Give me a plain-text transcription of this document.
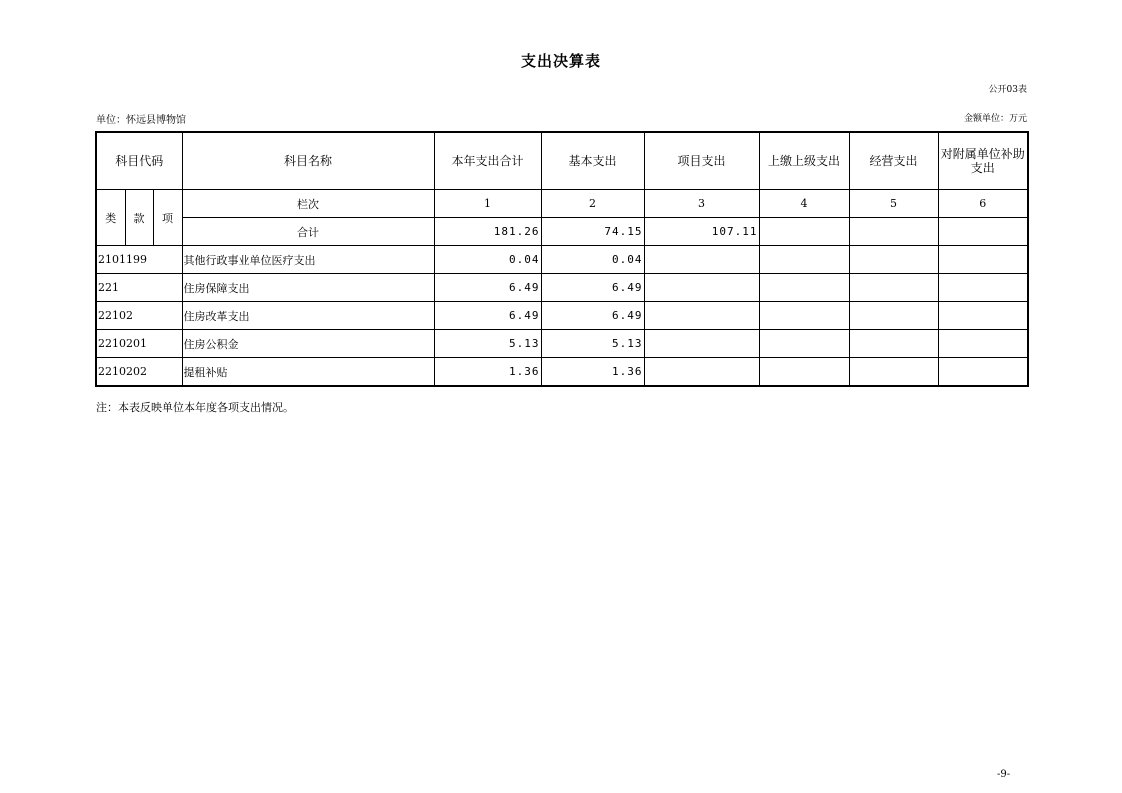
支出决算表
公开03表
单位：怀远县博物馆	金额单位：万元
科目代码			科目名称	本年支出合计	基本支出	项目支出	上缴上级支出	经营支出	对附属单位补助支出
类	款	项	栏次	1	2	3	4	5	6
			合计	181.26	74.15	107.11			
2101199			其他行政事业单位医疗支出	0.04	0.04				
221			住房保障支出	6.49	6.49				
22102			住房改革支出	6.49	6.49				
2210201			住房公积金	5.13	5.13				
2210202			提租补贴	1.36	1.36				
注：本表反映单位本年度各项支出情况。
-9-
